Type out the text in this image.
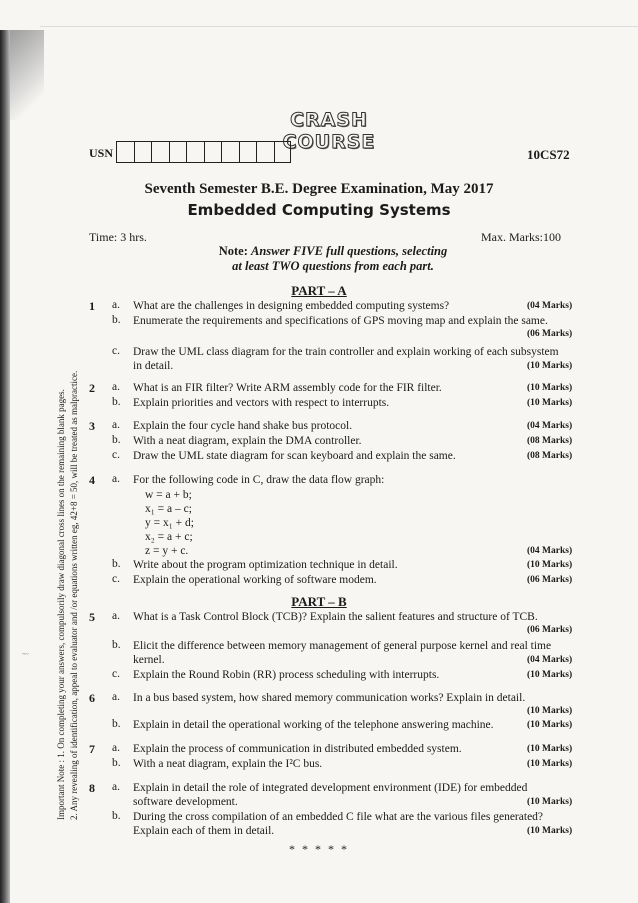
CRASH COURSE
USN	10CS72
Seventh Semester B.E. Degree Examination, May 2017
Embedded Computing Systems
Time: 3 hrs.	Max. Marks:100
Note: Answer FIVE full questions, selecting
at least TWO questions from each part.
Important Note : 1. On completing your answers, compulsorily draw diagonal cross lines on the remaining blank pages. 2. Any revealing of identification, appeal to evaluator and /or equations written eg, 42+8 = 50, will be treated as malpractice.
~~
PART – A
1 a. What are the challenges in designing embedded computing systems?	(04 Marks)
b. Enumerate the requirements and specifications of GPS moving map and explain the same.
(06 Marks)
c. Draw the UML class diagram for the train controller and explain working of each subsystem
in detail.	(10 Marks)
2 a. What is an FIR filter? Write ARM assembly code for the FIR filter.	(10 Marks)
b. Explain priorities and vectors with respect to interrupts.	(10 Marks)
3 a. Explain the four cycle hand shake bus protocol.	(04 Marks)
b. With a neat diagram, explain the DMA controller.	(08 Marks)
c. Draw the UML state diagram for scan keyboard and explain the same.	(08 Marks)
4 a. For the following code in C, draw the data flow graph:
w = a + b;
x₁ = a – c;
y = x₁ + d;
x₂ = a + c;
z = y + c.	(04 Marks)
b. Write about the program optimization technique in detail.	(10 Marks)
c. Explain the operational working of software modem.	(06 Marks)
PART – B
5 a. What is a Task Control Block (TCB)? Explain the salient features and structure of TCB.
(06 Marks)
b. Elicit the difference between memory management of general purpose kernel and real time
kernel.	(04 Marks)
c. Explain the Round Robin (RR) process scheduling with interrupts.	(10 Marks)
6 a. In a bus based system, how shared memory communication works? Explain in detail.
(10 Marks)
b. Explain in detail the operational working of the telephone answering machine.	(10 Marks)
7 a. Explain the process of communication in distributed embedded system.	(10 Marks)
b. With a neat diagram, explain the I²C bus.	(10 Marks)
8 a. Explain in detail the role of integrated development environment (IDE) for embedded
software development.	(10 Marks)
b. During the cross compilation of an embedded C file what are the various files generated?
Explain each of them in detail.	(10 Marks)
* * * * *
